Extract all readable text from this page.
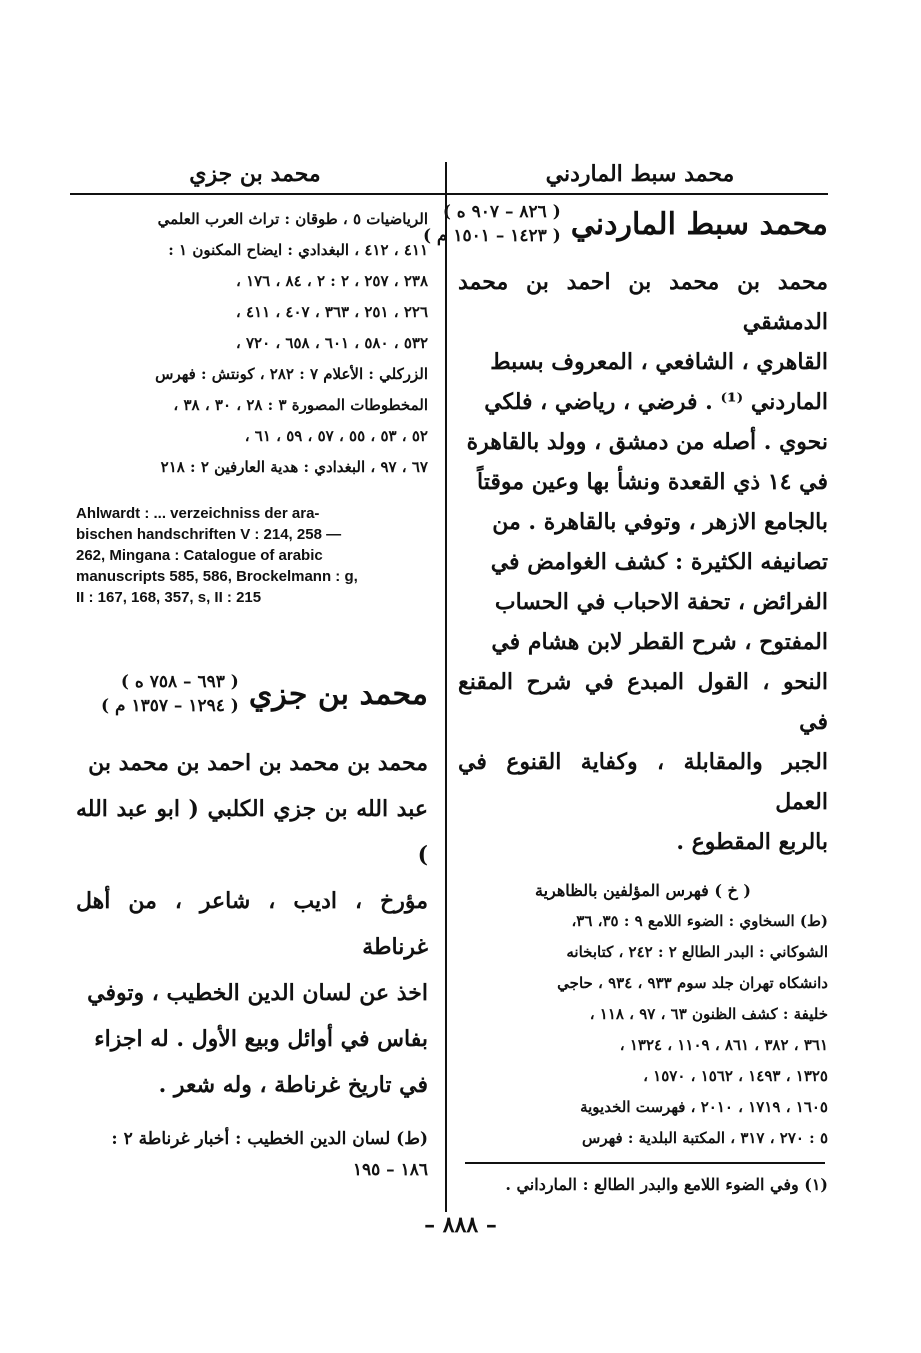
محمد سبط الماردني
محمد بن جزي
محمد سبط الماردني
( ٨٢٦ – ٩٠٧ ه )
( ١٤٢٣ – ١٥٠١ م )

محمد بن محمد بن احمد بن محمد الدمشقي

القاهري ، الشافعي ، المعروف بسبط

الماردني ⁽¹⁾ . فرضي ، رياضي ، فلكي

نحوي . أصله من دمشق ، وولد بالقاهرة

في ١٤ ذي القعدة ونشأ بها وعين موقتاً

بالجامع الازهر ، وتوفي بالقاهرة . من

تصانيفه الكثيرة : كشف الغوامض في

الفرائض ، تحفة الاحباب في الحساب

المفتوح ، شرح القطر لابن هشام في

النحو ، القول المبدع في شرح المقنع في

الجبر والمقابلة ، وكفاية القنوع في العمل

بالربع المقطوع .

( خ ) فهرس المؤلفين بالظاهرية

(ط) السخاوي : الضوء اللامع ٩ : ٣٥، ٣٦،

الشوكاني : البدر الطالع ٢ : ٢٤٢ ، كتابخانه

دانشكاه تهران جلد سوم ٩٣٣ ، ٩٣٤ ، حاجي

خليفة : كشف الظنون ٦٣ ، ٩٧ ، ١١٨ ،

٣٦١ ، ٣٨٢ ، ٨٦١ ، ١١٠٩ ، ١٣٢٤ ،

١٣٢٥ ، ١٤٩٣ ، ١٥٦٢ ، ١٥٧٠ ،

١٦٠٥ ، ١٧١٩ ، ٢٠١٠ ، فهرست الخديوية

٥ : ٢٧٠ ، ٣١٧ ، المكتبة البلدية : فهرس

(١) وفي الضوء اللامع والبدر الطالع : المارداني .

الرياضيات ٥ ، طوقان : تراث العرب العلمي

٤١١ ، ٤١٢ ، البغدادي : ايضاح المكنون ١ :

٢٣٨ ، ٢٥٧ ، ٢ : ٢ ، ٨٤ ، ١٧٦ ،

٢٢٦ ، ٢٥١ ، ٣٦٣ ، ٤٠٧ ، ٤١١ ،

٥٣٢ ، ٥٨٠ ، ٦٠١ ، ٦٥٨ ، ٧٢٠ ،

الزركلي : الأعلام ٧ : ٢٨٢ ، كونتش : فهرس

المخطوطات المصورة ٣ : ٢٨ ، ٣٠ ، ٣٨ ،

٥٢ ، ٥٣ ، ٥٥ ، ٥٧ ، ٥٩ ، ٦١ ،

٦٧ ، ٩٧ ، البغدادي : هدية العارفين ٢ : ٢١٨

Ahlwardt : ... verzeichniss der ara-

bischen handschriften V : 214, 258 —

262, Mingana : Catalogue of arabic

manuscripts 585, 586, Brockelmann : g,

II : 167, 168, 357, s, II : 215

محمد بن جزي
( ٦٩٣ – ٧٥٨ ه )
( ١٢٩٤ – ١٣٥٧ م )

محمد بن محمد بن احمد بن محمد بن

عبد الله بن جزي الكلبي ( ابو عبد الله )

مؤرخ ، اديب ، شاعر ، من أهل غرناطة

اخذ عن لسان الدين الخطيب ، وتوفي

بفاس في أوائل وبيع الأول . له اجزاء

في تاريخ غرناطة ، وله شعر .

(ط) لسان الدين الخطيب : أخبار غرناطة ٢ :

١٨٦ – ١٩٥

– ٨٨٨ –
